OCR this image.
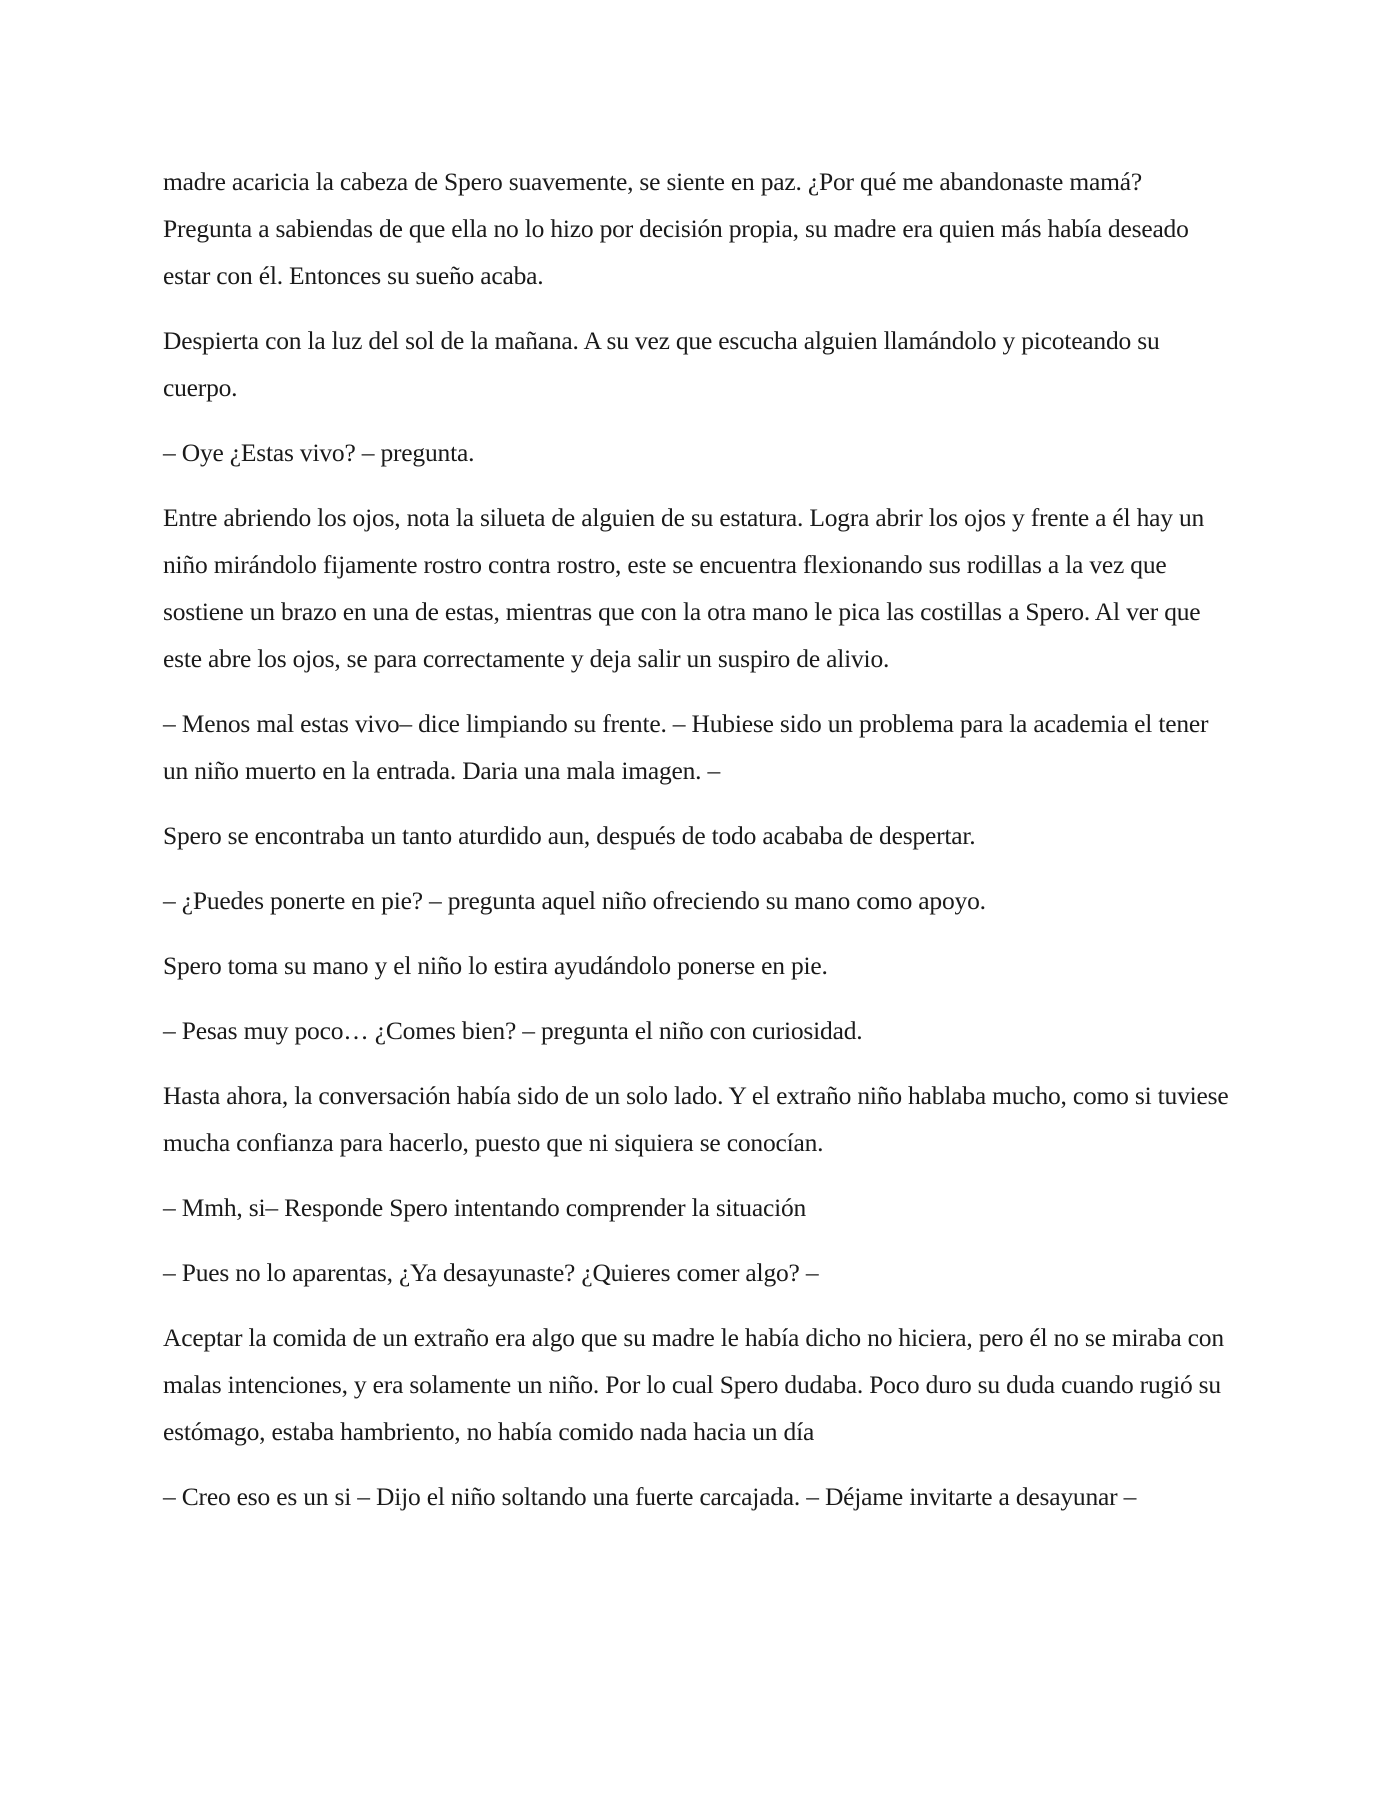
madre acaricia la cabeza de Spero suavemente, se siente en paz. ¿Por qué me abandonaste mamá? Pregunta a sabiendas de que ella no lo hizo por decisión propia, su madre era quien más había deseado estar con él. Entonces su sueño acaba.

Despierta con la luz del sol de la mañana. A su vez que escucha alguien llamándolo y picoteando su cuerpo.

– Oye ¿Estas vivo? – pregunta.

Entre abriendo los ojos, nota la silueta de alguien de su estatura. Logra abrir los ojos y frente a él hay un niño mirándolo fijamente rostro contra rostro, este se encuentra flexionando sus rodillas a la vez que sostiene un brazo en una de estas, mientras que con la otra mano le pica las costillas a Spero. Al ver que este abre los ojos, se para correctamente y deja salir un suspiro de alivio.

– Menos mal estas vivo– dice limpiando su frente. – Hubiese sido un problema para la academia el tener un niño muerto en la entrada. Daria una mala imagen. –

Spero se encontraba un tanto aturdido aun, después de todo acababa de despertar.

– ¿Puedes ponerte en pie? – pregunta aquel niño ofreciendo su mano como apoyo.

Spero toma su mano y el niño lo estira ayudándolo ponerse en pie.

– Pesas muy poco… ¿Comes bien? – pregunta el niño con curiosidad.

Hasta ahora, la conversación había sido de un solo lado. Y el extraño niño hablaba mucho, como si tuviese mucha confianza para hacerlo, puesto que ni siquiera se conocían.

– Mmh, si– Responde Spero intentando comprender la situación

– Pues no lo aparentas, ¿Ya desayunaste? ¿Quieres comer algo? –

Aceptar la comida de un extraño era algo que su madre le había dicho no hiciera, pero él no se miraba con malas intenciones, y era solamente un niño. Por lo cual Spero dudaba. Poco duro su duda cuando rugió su estómago, estaba hambriento, no había comido nada hacia un día

– Creo eso es un si – Dijo el niño soltando una fuerte carcajada. – Déjame invitarte a desayunar –
